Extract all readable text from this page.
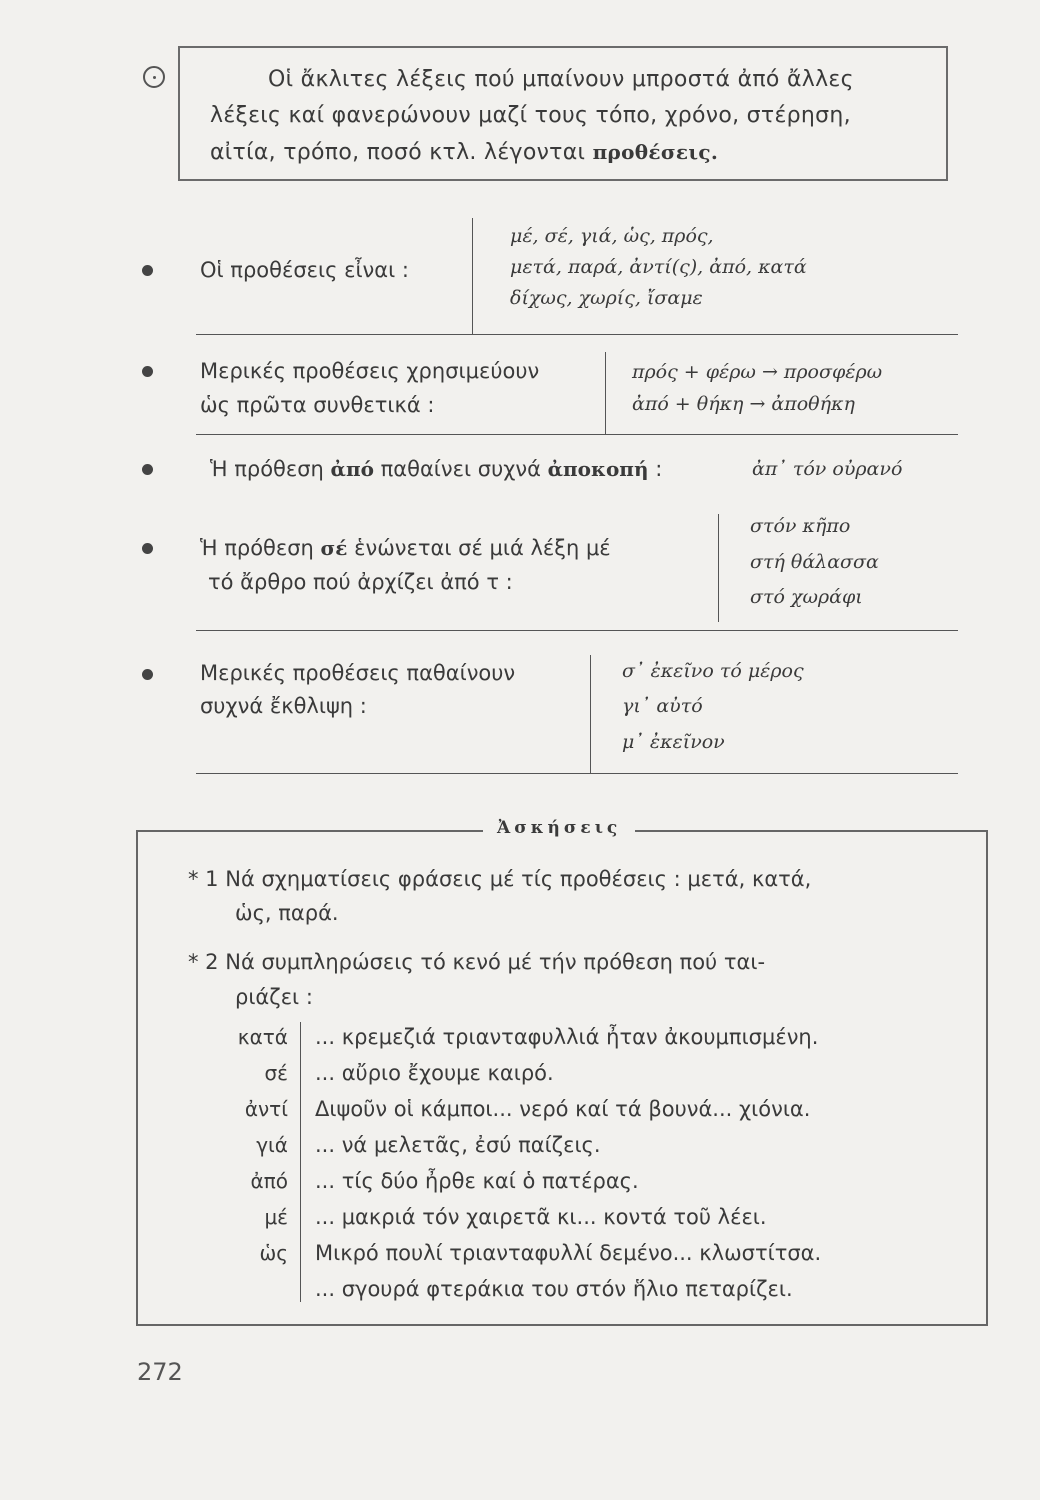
Οἱ ἄκλιτες λέξεις πού μπαίνουν μπροστά ἀπό ἄλλες
λέξεις καί φανερώνουν μαζί τους τόπο, χρόνο, στέρηση,
αἰτία, τρόπο, ποσό κτλ. λέγονται προθέσεις.
Οἱ προθέσεις εἶναι :
μέ, σέ, γιά, ὡς, πρός,
μετά, παρά, ἀντί(ς), ἀπό, κατά
δίχως, χωρίς, ἴσαμε
Μερικές προθέσεις χρησιμεύουν
ὡς πρῶτα συνθετικά :
πρός + φέρω → προσφέρω
ἀπό + θήκη → ἀποθήκη
Ἡ πρόθεση ἀπό παθαίνει συχνά ἀποκοπή :	ἀπ᾽ τόν οὐρανό
Ἡ πρόθεση σέ ἑνώνεται σέ μιά λέξη μέ
τό ἄρθρο πού ἀρχίζει ἀπό τ :
στόν κῆπο
στή θάλασσα
στό χωράφι
Μερικές προθέσεις παθαίνουν
συχνά ἔκθλιψη :
σ᾽ ἐκεῖνο τό μέρος
γι᾽ αὐτό
μ᾽ ἐκεῖνον
Ἀσκήσεις
* 1 Νά σχηματίσεις φράσεις μέ τίς προθέσεις : μετά, κατά,
ὡς, παρά.
* 2 Νά συμπληρώσεις τό κενό μέ τήν πρόθεση πού ται-
ριάζει :
κατά ... κρεμεζιά τριανταφυλλιά ἦταν ἀκουμπισμένη.
σέ ... αὔριο ἔχουμε καιρό.
ἀντί Διψοῦν οἱ κάμποι... νερό καί τά βουνά... χιόνια.
γιά ... νά μελετᾶς, ἐσύ παίζεις.
ἀπό ... τίς δύο ἦρθε καί ὁ πατέρας.
μέ ... μακριά τόν χαιρετᾶ κι... κοντά τοῦ λέει.
ὡς Μικρό πουλί τριανταφυλλί δεμένο... κλωστίτσα.
... σγουρά φτεράκια του στόν ἥλιο πεταρίζει.
272
